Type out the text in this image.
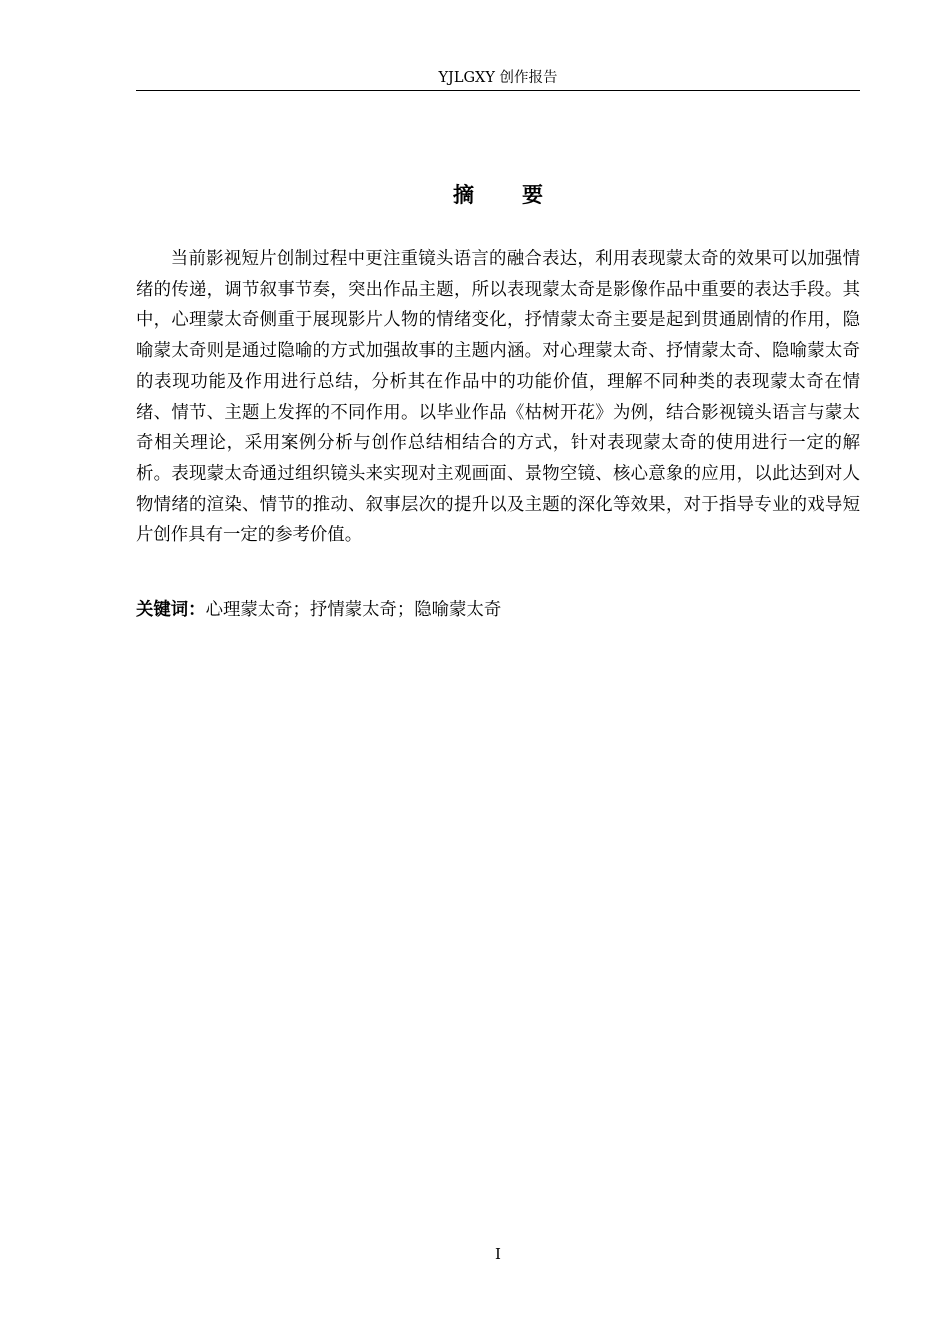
YJLGXY 创作报告
摘 要

当前影视短片创制过程中更注重镜头语言的融合表达，利用表现蒙太奇的效果可以加强情绪的传递，调节叙事节奏，突出作品主题，所以表现蒙太奇是影像作品中重要的表达手段。其中，心理蒙太奇侧重于展现影片人物的情绪变化，抒情蒙太奇主要是起到贯通剧情的作用，隐喻蒙太奇则是通过隐喻的方式加强故事的主题内涵。对心理蒙太奇、抒情蒙太奇、隐喻蒙太奇的表现功能及作用进行总结，分析其在作品中的功能价值，理解不同种类的表现蒙太奇在情绪、情节、主题上发挥的不同作用。以毕业作品《枯树开花》为例，结合影视镜头语言与蒙太奇相关理论，采用案例分析与创作总结相结合的方式，针对表现蒙太奇的使用进行一定的解析。表现蒙太奇通过组织镜头来实现对主观画面、景物空镜、核心意象的应用，以此达到对人物情绪的渲染、情节的推动、叙事层次的提升以及主题的深化等效果，对于指导专业的戏导短片创作具有一定的参考价值。

关键词：心理蒙太奇；抒情蒙太奇；隐喻蒙太奇

I
